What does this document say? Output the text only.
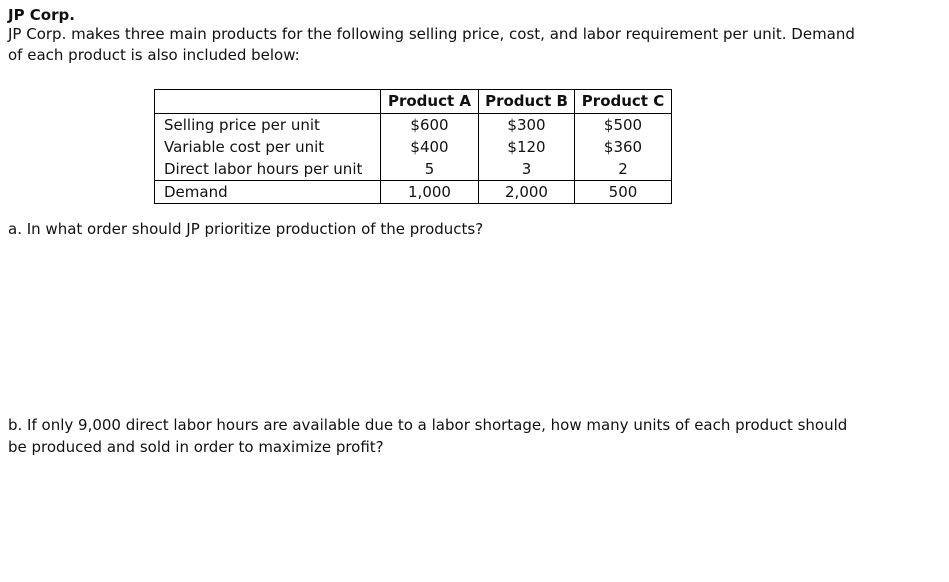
JP Corp.
JP Corp. makes three main products for the following selling price, cost, and labor requirement per unit. Demand
of each product is also included below:
	Product A	Product B	Product C
Selling price per unit	$600	$300	$500
Variable cost per unit	$400	$120	$360
Direct labor hours per unit	5	3	2
Demand	1,000	2,000	500
a. In what order should JP prioritize production of the products?
b. If only 9,000 direct labor hours are available due to a labor shortage, how many units of each product should
be produced and sold in order to maximize profit?
